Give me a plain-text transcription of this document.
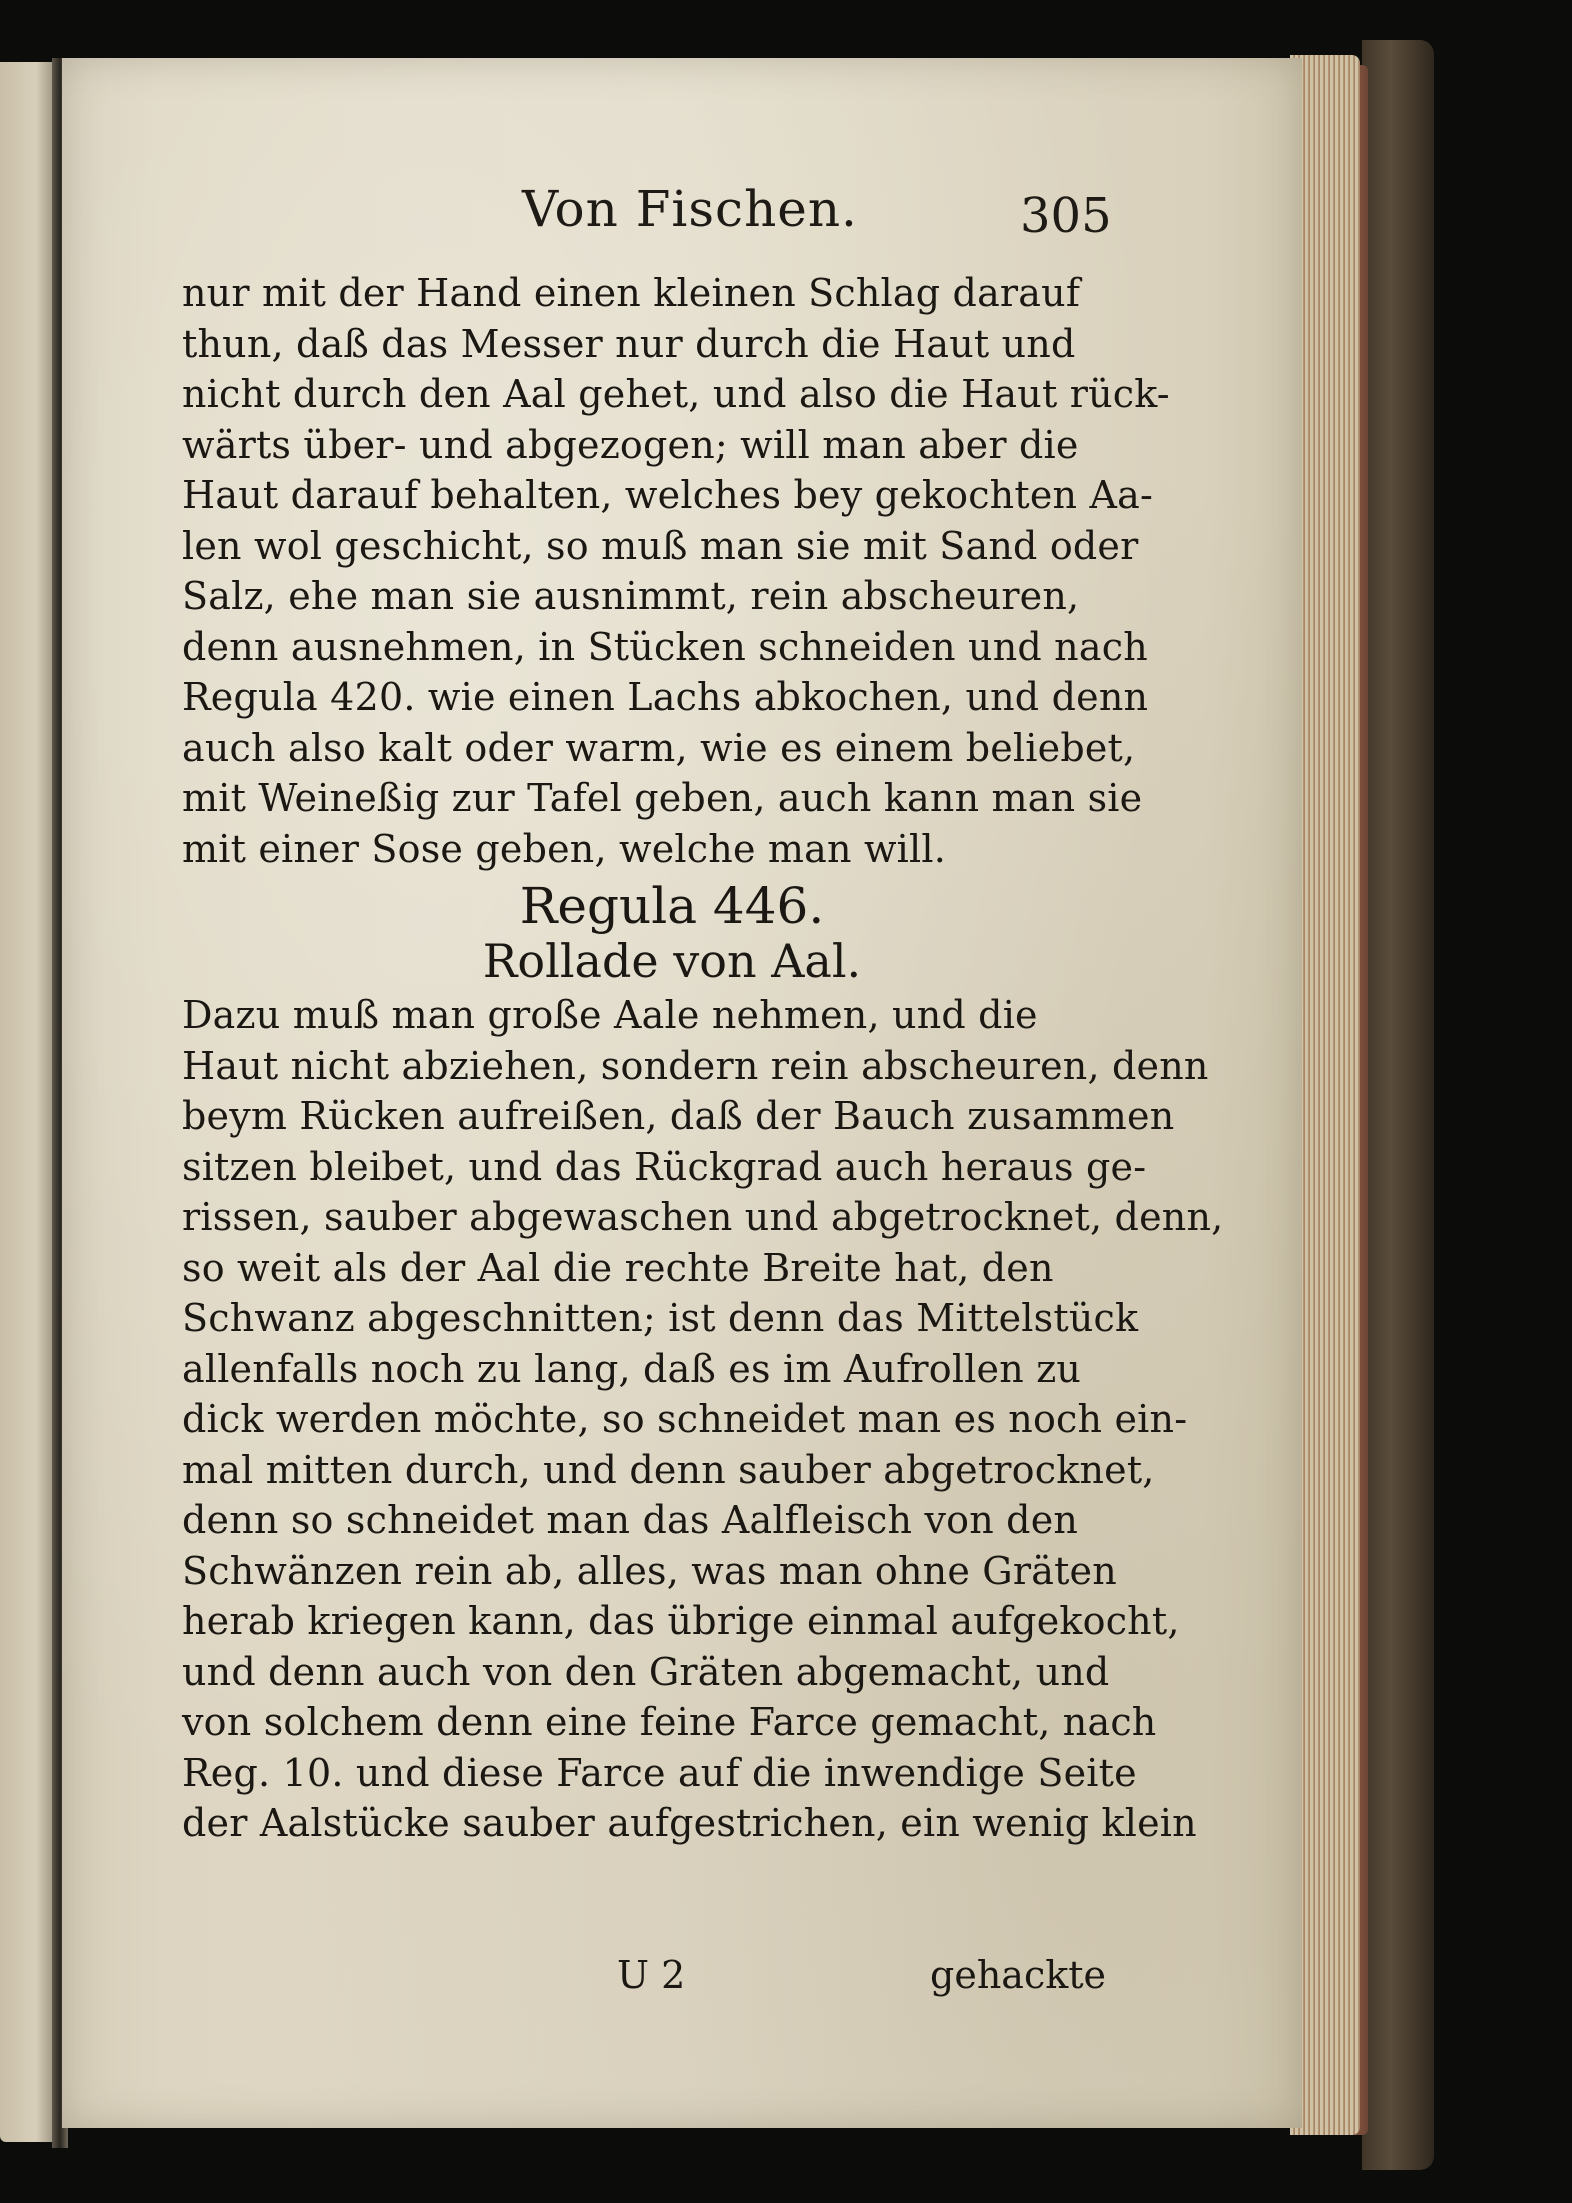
Von Fischen.	305
nur mit der Hand einen kleinen Schlag darauf
thun, daß das Messer nur durch die Haut und
nicht durch den Aal gehet, und also die Haut rück-
wärts über- und abgezogen; will man aber die
Haut darauf behalten, welches bey gekochten Aa-
len wol geschicht, so muß man sie mit Sand oder
Salz, ehe man sie ausnimmt, rein abscheuren,
denn ausnehmen, in Stücken schneiden und nach
Regula 420. wie einen Lachs abkochen, und denn
auch also kalt oder warm, wie es einem beliebet,
mit Weineßig zur Tafel geben, auch kann man sie
mit einer Sose geben, welche man will.
Regula 446.
Rollade von Aal.
Dazu muß man große Aale nehmen, und die
Haut nicht abziehen, sondern rein abscheuren, denn
beym Rücken aufreißen, daß der Bauch zusammen
sitzen bleibet, und das Rückgrad auch heraus ge-
rissen, sauber abgewaschen und abgetrocknet, denn,
so weit als der Aal die rechte Breite hat, den
Schwanz abgeschnitten; ist denn das Mittelstück
allenfalls noch zu lang, daß es im Aufrollen zu
dick werden möchte, so schneidet man es noch ein-
mal mitten durch, und denn sauber abgetrocknet,
denn so schneidet man das Aalfleisch von den
Schwänzen rein ab, alles, was man ohne Gräten
herab kriegen kann, das übrige einmal aufgekocht,
und denn auch von den Gräten abgemacht, und
von solchem denn eine feine Farce gemacht, nach
Reg. 10. und diese Farce auf die inwendige Seite
der Aalstücke sauber aufgestrichen, ein wenig klein
U 2	gehackte
